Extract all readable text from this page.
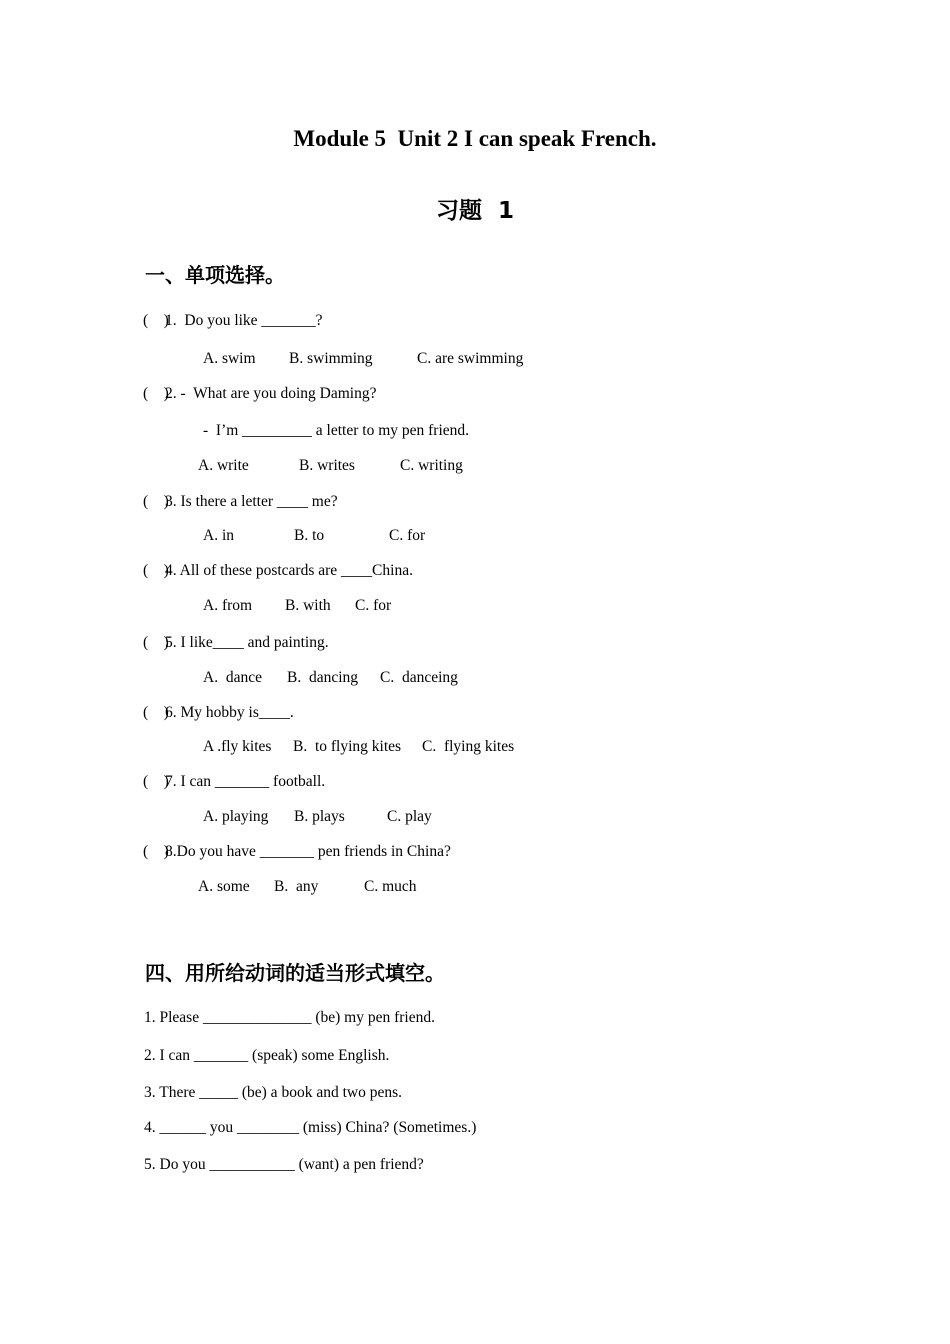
Module 5  Unit 2 I can speak French.
习题  1
一、单项选择。
(    )1.  Do you like _______?
A. swim B. swimming	C. are swimming
(    )2. -  What are you doing Daming?
-  I’m _________ a letter to my pen friend.
A. write	B. writes	C. writing
(    )3. Is there a letter ____ me?
A. in	B. to	C. for
(    )4. All of these postcards are ____China.
A. from B. with C. for
(    )5. I like____ and painting.
A.  dance B.  dancing C.  danceing
(    )6. My hobby is____.
A .fly kites B.  to flying kites C.  flying kites
(    )7. I can _______ football.
A. playing B. plays	C. play
(    )8.Do you have _______ pen friends in China?
A. some B.  any	C. much
四、用所给动词的适当形式填空。
1. Please ______________ (be) my pen friend.
2. I can _______ (speak) some English.
3. There _____ (be) a book and two pens.
4. ______ you ________ (miss) China? (Sometimes.)
5. Do you ___________ (want) a pen friend?
